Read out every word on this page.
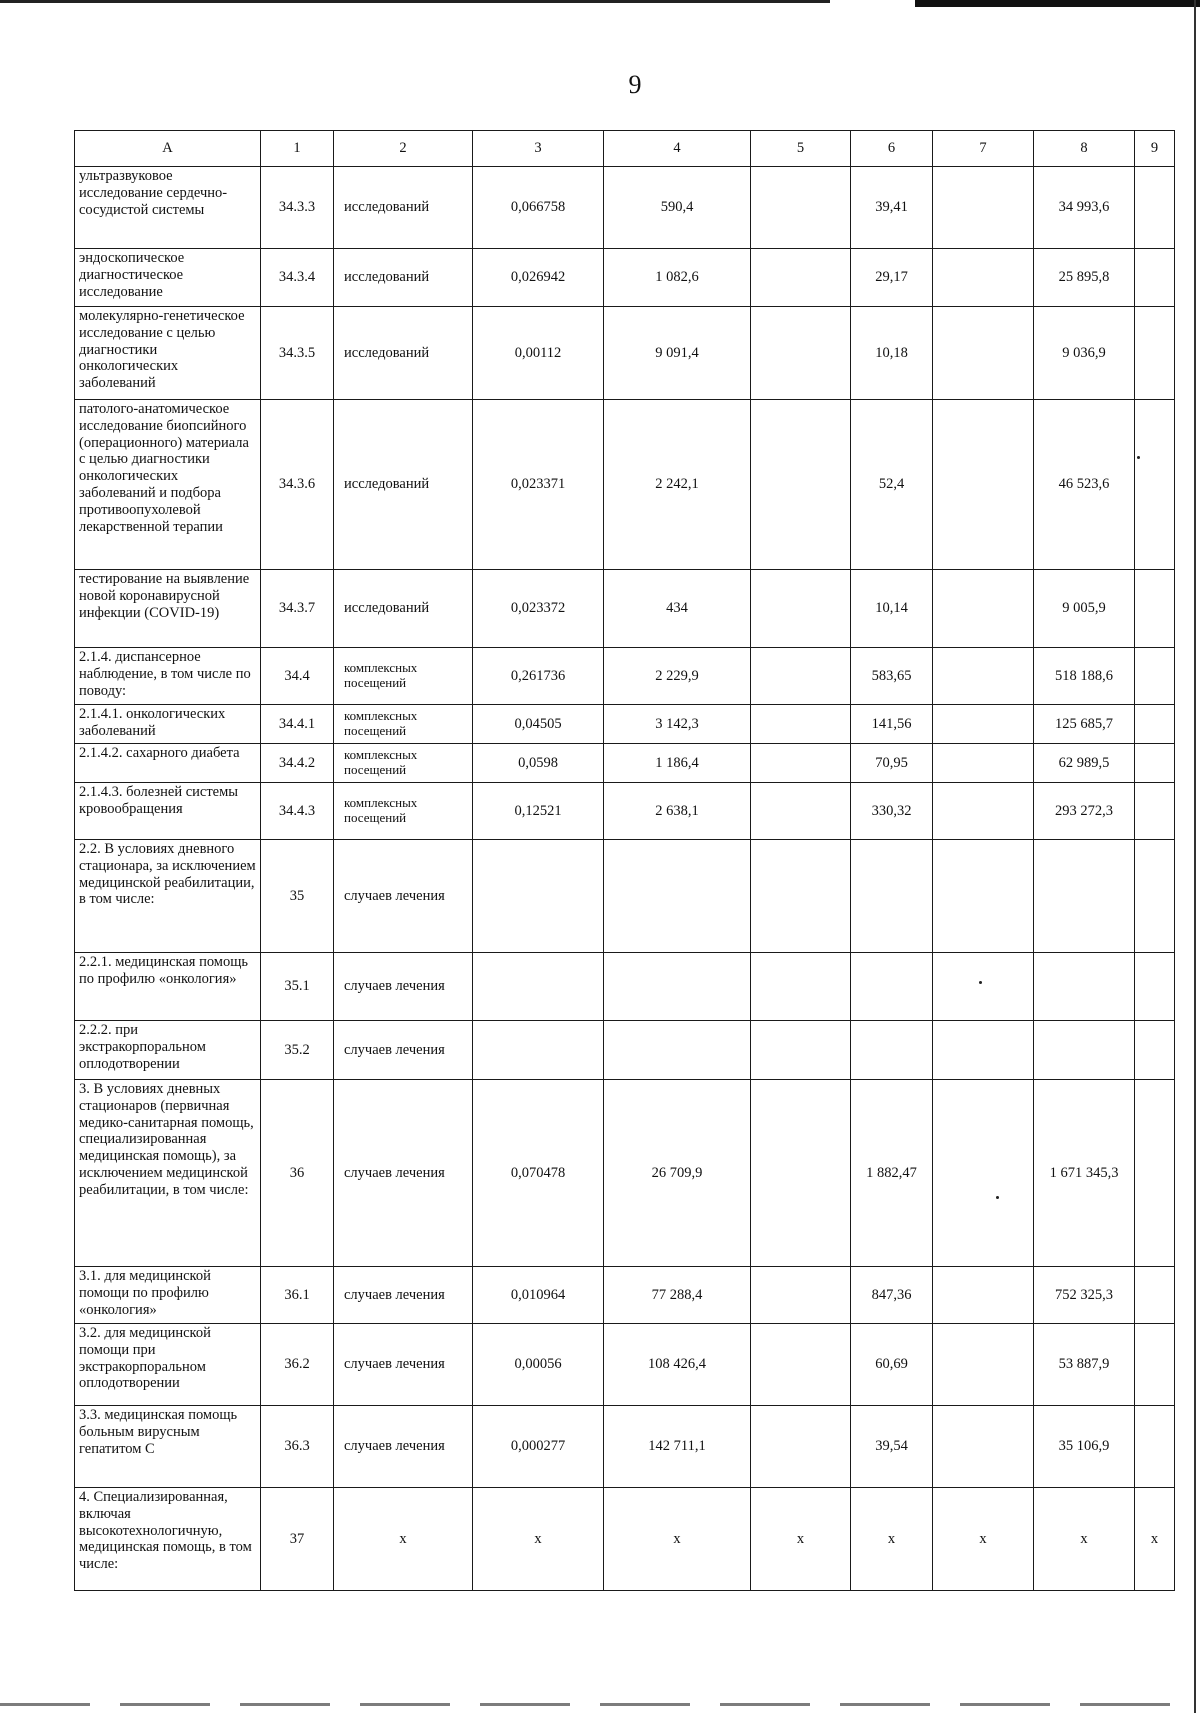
9
А	1	2	3	4	5	6	7	8	9
ультразвуковое исследование сердечно-сосудистой системы	34.3.3	исследований	0,066758	590,4		39,41		34 993,6	
эндоскопическое диагностическое исследование	34.3.4	исследований	0,026942	1 082,6		29,17		25 895,8	
молекулярно-генетическое исследование с целью диагностики онкологических заболеваний	34.3.5	исследований	0,00112	9 091,4		10,18		9 036,9	
патолого-анатомическое исследование биопсийного (операционного) материала с целью диагностики онкологических заболеваний и подбора противоопухолевой лекарственной терапии	34.3.6	исследований	0,023371	2 242,1		52,4		46 523,6	
тестирование на выявление новой коронавирусной инфекции (COVID-19)	34.3.7	исследований	0,023372	434		10,14		9 005,9	
2.1.4. диспансерное наблюдение, в том числе по поводу:	34.4	комплексных посещений	0,261736	2 229,9		583,65		518 188,6	
2.1.4.1. онкологических заболеваний	34.4.1	комплексных посещений	0,04505	3 142,3		141,56		125 685,7	
2.1.4.2. сахарного диабета	34.4.2	комплексных посещений	0,0598	1 186,4		70,95		62 989,5	
2.1.4.3. болезней системы кровообращения	34.4.3	комплексных посещений	0,12521	2 638,1		330,32		293 272,3	
2.2. В условиях дневного стационара, за исключением медицинской реабилитации, в том числе:	35	случаев лечения							
2.2.1. медицинская помощь по профилю «онкология»	35.1	случаев лечения							
2.2.2. при экстракорпоральном оплодотворении	35.2	случаев лечения							
3. В условиях дневных стационаров (первичная медико-санитарная помощь, специализированная медицинская помощь), за исключением медицинской реабилитации, в том числе:	36	случаев лечения	0,070478	26 709,9		1 882,47		1 671 345,3	
3.1. для медицинской помощи по профилю «онкология»	36.1	случаев лечения	0,010964	77 288,4		847,36		752 325,3	
3.2. для медицинской помощи при экстракорпоральном оплодотворении	36.2	случаев лечения	0,00056	108 426,4		60,69		53 887,9	
3.3. медицинская помощь больным вирусным гепатитом С	36.3	случаев лечения	0,000277	142 711,1		39,54		35 106,9	
4. Специализированная, включая высокотехнологичную, медицинская помощь, в том числе:	37	х	х	х	х	х	х	х	х
